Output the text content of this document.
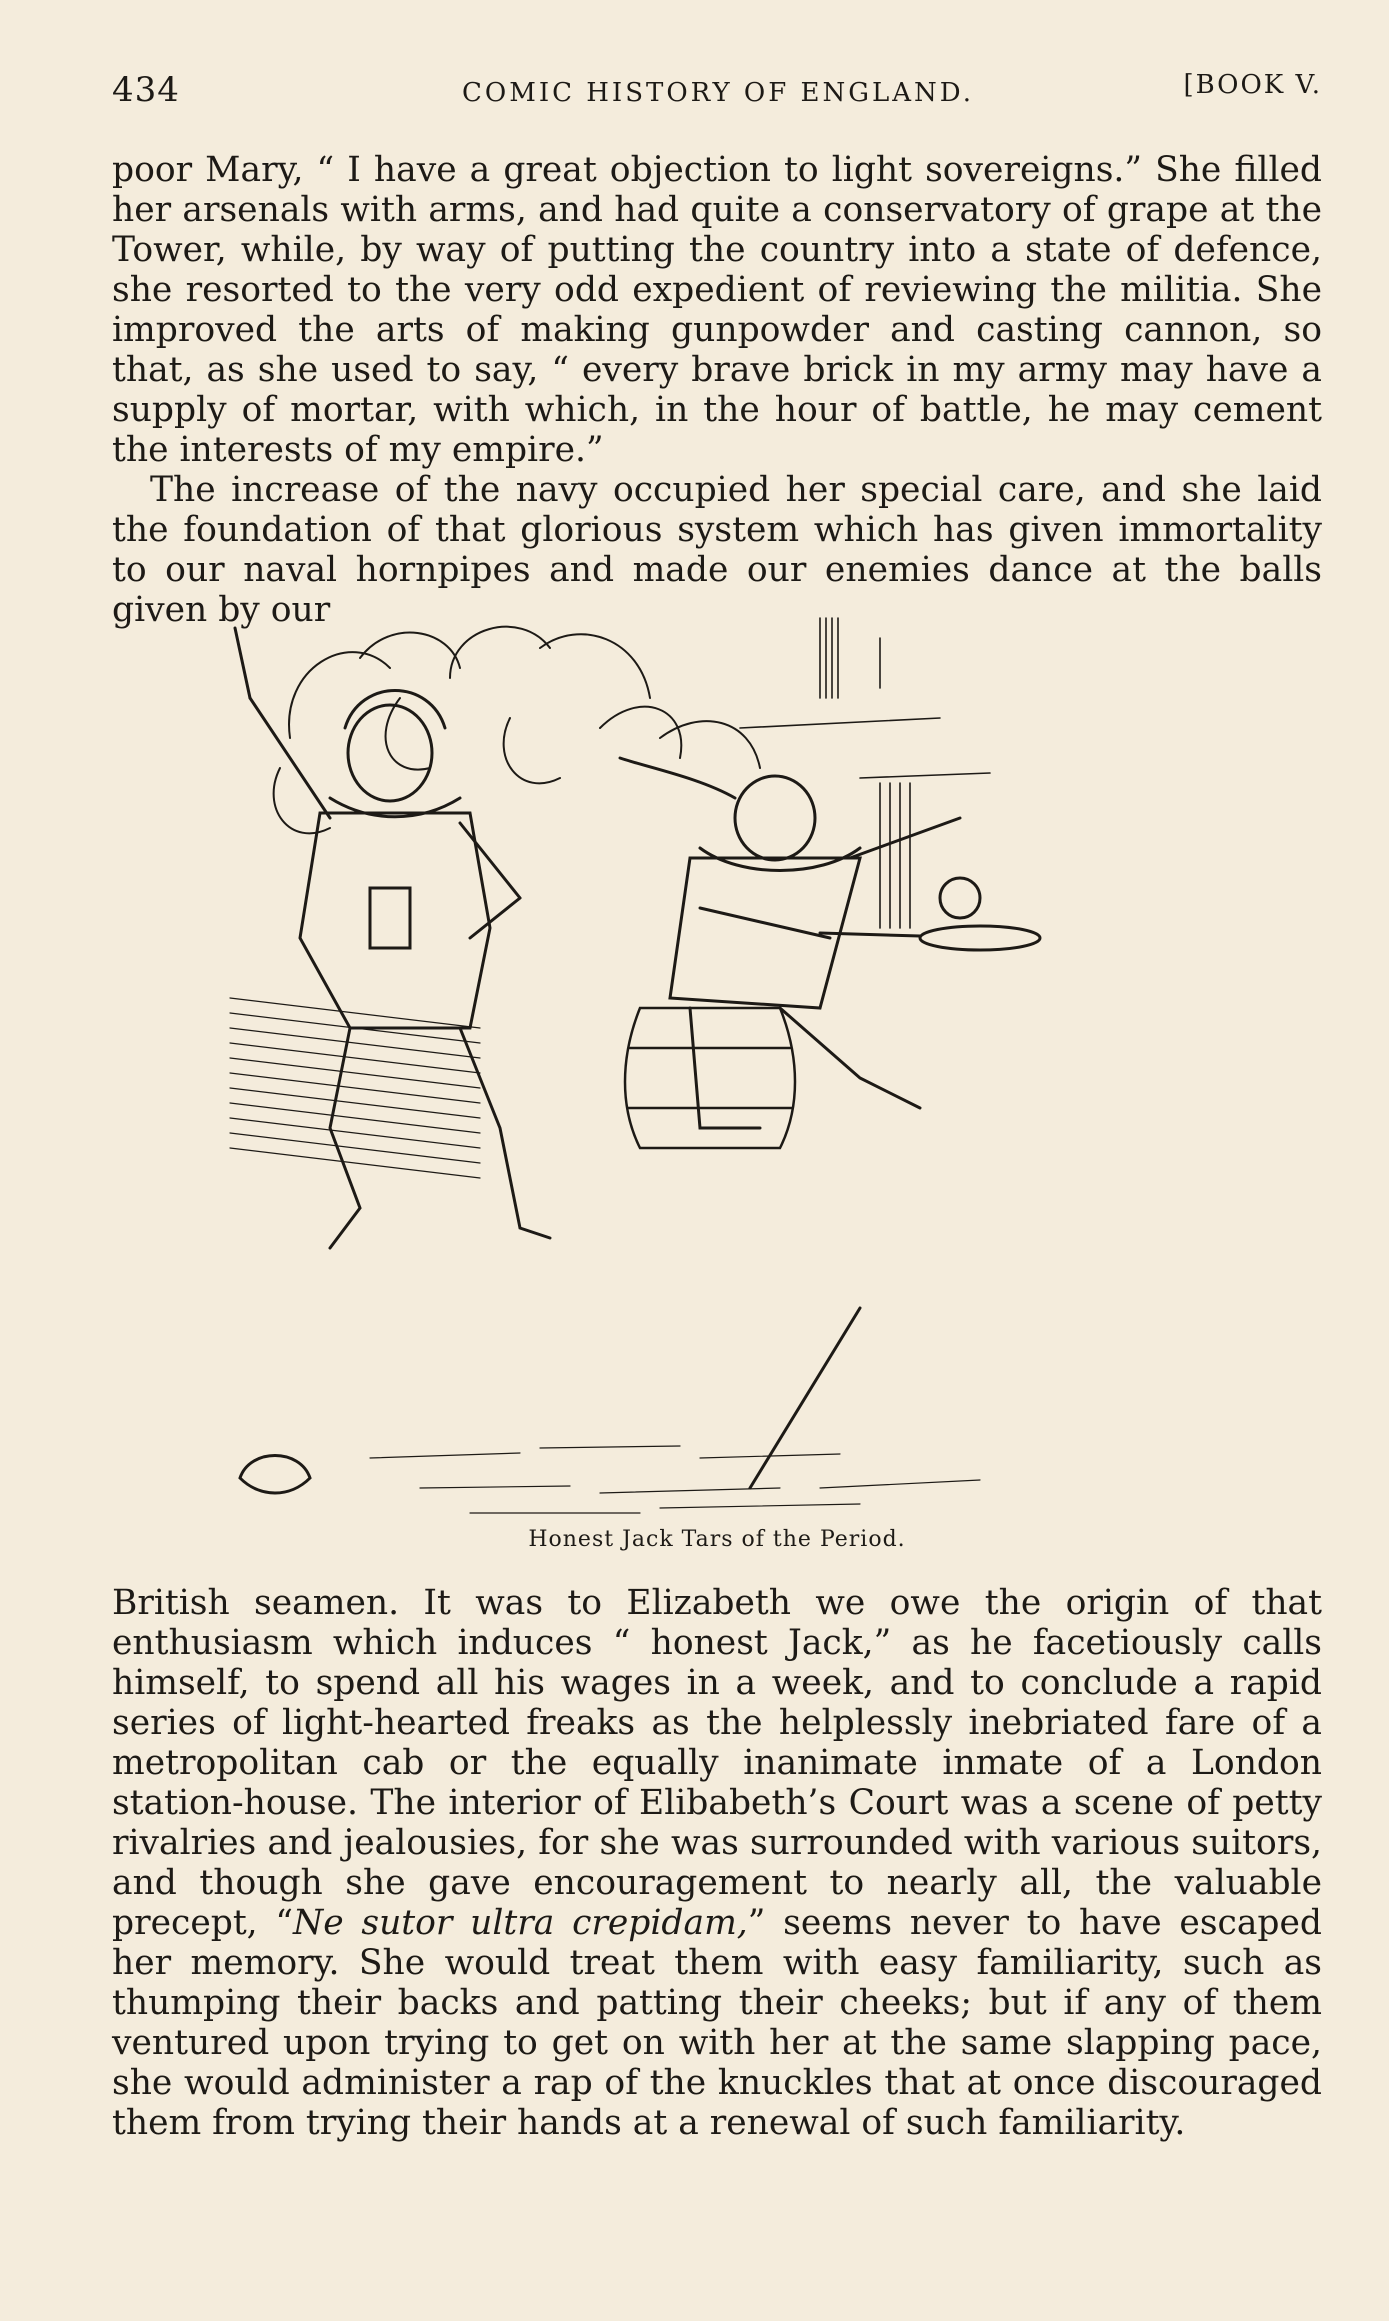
434	COMIC HISTORY OF ENGLAND.	[BOOK V.

poor Mary, “ I have a great objection to light sovereigns.” She filled her arsenals with arms, and had quite a conservatory of grape at the Tower, while, by way of putting the country into a state of defence, she resorted to the very odd expedient of reviewing the militia. She improved the arts of making gunpowder and casting cannon, so that, as she used to say, “ every brave brick in my army may have a supply of mortar, with which, in the hour of battle, he may cement the interests of my empire.”

The increase of the navy occupied her special care, and she laid the foundation of that glorious system which has given immortality to our naval hornpipes and made our enemies dance at the balls given by our

Honest Jack Tars of the Period.

British seamen. It was to Elizabeth we owe the origin of that enthusiasm which induces “ honest Jack,” as he facetiously calls himself, to spend all his wages in a week, and to conclude a rapid series of light-hearted freaks as the helplessly inebriated fare of a metropolitan cab or the equally inanimate inmate of a London station-house. The interior of Elibabeth’s Court was a scene of petty rivalries and jealousies, for she was surrounded with various suitors, and though she gave encouragement to nearly all, the valuable precept, “Ne sutor ultra crepidam,” seems never to have escaped her memory. She would treat them with easy familiarity, such as thumping their backs and patting their cheeks; but if any of them ventured upon trying to get on with her at the same slapping pace, she would administer a rap of the knuckles that at once discouraged them from trying their hands at a renewal of such familiarity.
